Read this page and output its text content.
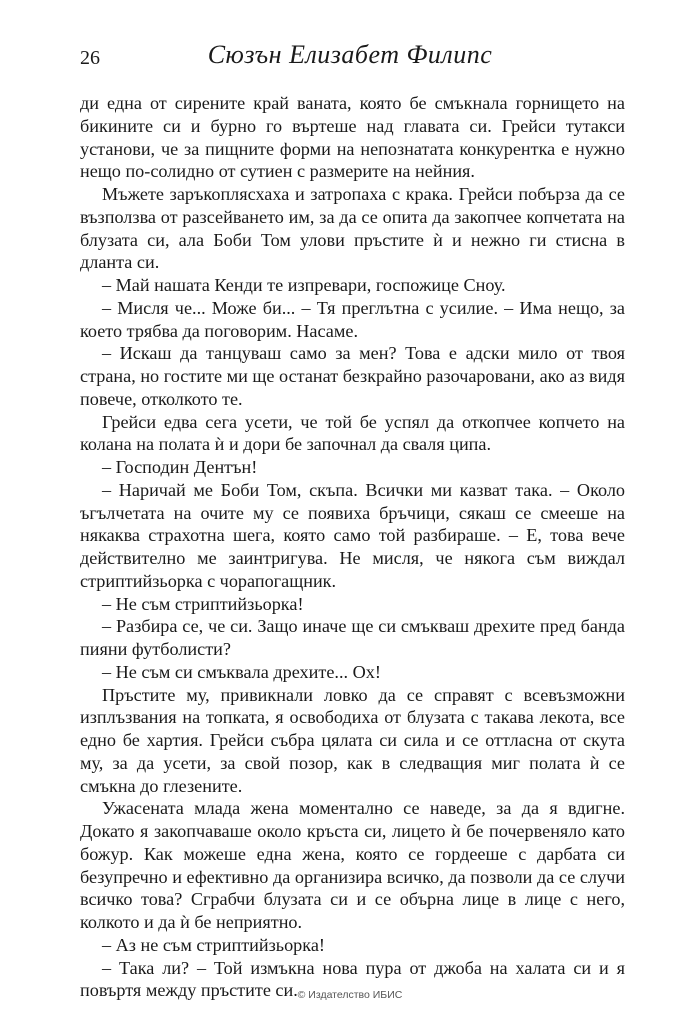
26	Сюзън Елизабет Филипс

ди една от сирените край ваната, която бе смъкнала горнището на бикините си и бурно го въртеше над главата си. Грейси тутакси установи, че за пищните форми на непознатата конкурентка е нужно нещо по-солидно от сутиен с размерите на нейния.

Мъжете заръкоплясхаха и затропаха с крака. Грейси побърза да се възползва от разсейването им, за да се опита да закопчее копчетата на блузата си, ала Боби Том улови пръстите ѝ и нежно ги стисна в дланта си.

– Май нашата Кенди те изпревари, госпожице Сноу.

– Мисля че... Може би... – Тя преглътна с усилие. – Има нещо, за което трябва да поговорим. Насаме.

– Искаш да танцуваш само за мен? Това е адски мило от твоя страна, но гостите ми ще останат безкрайно разочаровани, ако аз видя повече, отколкото те.

Грейси едва сега усети, че той бе успял да откопчее копчето на колана на полата ѝ и дори бе започнал да сваля ципа.

– Господин Дентън!

– Наричай ме Боби Том, скъпа. Всички ми казват така. – Около ъгълчетата на очите му се появиха бръчици, сякаш се смееше на някаква страхотна шега, която само той разбираше. – Е, това вече действително ме заинтригува. Не мисля, че някога съм виждал стриптийзьорка с чорапогащник.

– Не съм стриптийзьорка!

– Разбира се, че си. Защо иначе ще си смъкваш дрехите пред банда пияни футболисти?

– Не съм си смъквала дрехите... Ох!

Пръстите му, привикнали ловко да се справят с всевъзможни изплъзвания на топката, я освободиха от блузата с такава лекота, все едно бе хартия. Грейси събра цялата си сила и се оттласна от скута му, за да усети, за свой позор, как в следващия миг полата ѝ се смъкна до глезените.

Ужасената млада жена моментално се наведе, за да я вдигне. Докато я закопчаваше около кръста си, лицето ѝ бе почервеняло като божур. Как можеше една жена, която се гордееше с дарбата си безупречно и ефективно да организира всичко, да позволи да се случи всичко това? Сграбчи блузата си и се обърна лице в лице с него, колкото и да ѝ бе неприятно.

– Аз не съм стриптийзьорка!

– Така ли? – Той измъкна нова пура от джоба на халата си и я повъртя между пръстите си. © Издателство ИБИС
